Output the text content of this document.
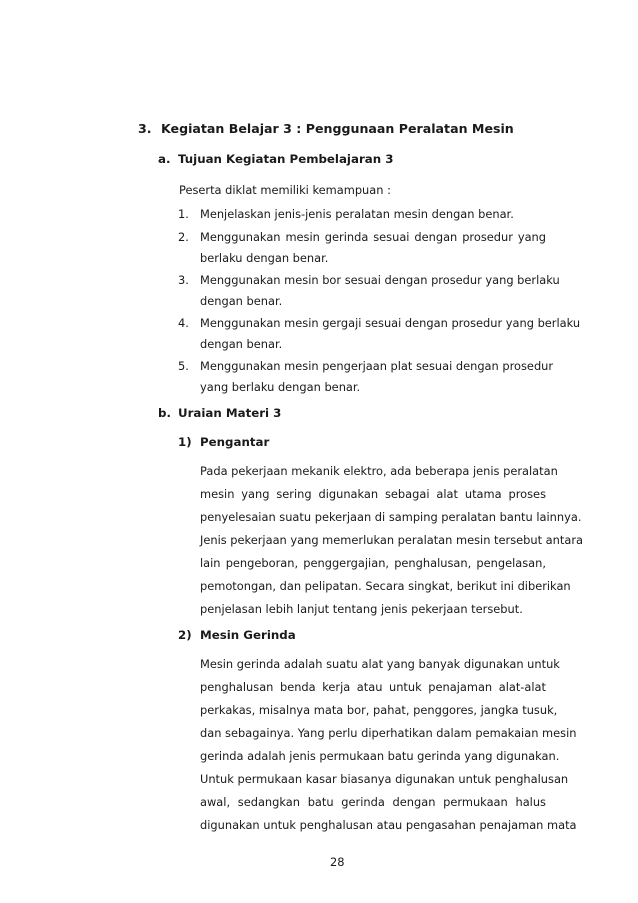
3. Kegiatan Belajar 3 : Penggunaan Peralatan Mesin
a. Tujuan Kegiatan Pembelajaran 3
Peserta diklat memiliki kemampuan :
1. Menjelaskan jenis-jenis peralatan mesin dengan benar.
2. Menggunakan mesin gerinda sesuai dengan prosedur yang
berlaku dengan benar.
3. Menggunakan mesin bor sesuai dengan prosedur yang berlaku
dengan benar.
4. Menggunakan mesin gergaji sesuai dengan prosedur yang berlaku
dengan benar.
5. Menggunakan mesin pengerjaan plat sesuai dengan prosedur
yang berlaku dengan benar.
b. Uraian Materi 3
1) Pengantar
Pada pekerjaan mekanik elektro, ada beberapa jenis peralatan
mesin yang sering digunakan sebagai alat utama proses
penyelesaian suatu pekerjaan di samping peralatan bantu lainnya.
Jenis pekerjaan yang memerlukan peralatan mesin tersebut antara
lain pengeboran, penggergajian, penghalusan, pengelasan,
pemotongan, dan pelipatan. Secara singkat, berikut ini diberikan
penjelasan lebih lanjut tentang jenis pekerjaan tersebut.
2) Mesin Gerinda
Mesin gerinda adalah suatu alat yang banyak digunakan untuk
penghalusan benda kerja atau untuk penajaman alat-alat
perkakas, misalnya mata bor, pahat, penggores, jangka tusuk,
dan sebagainya. Yang perlu diperhatikan dalam pemakaian mesin
gerinda adalah jenis permukaan batu gerinda yang digunakan.
Untuk permukaan kasar biasanya digunakan untuk penghalusan
awal, sedangkan batu gerinda dengan permukaan halus
digunakan untuk penghalusan atau pengasahan penajaman mata
28
